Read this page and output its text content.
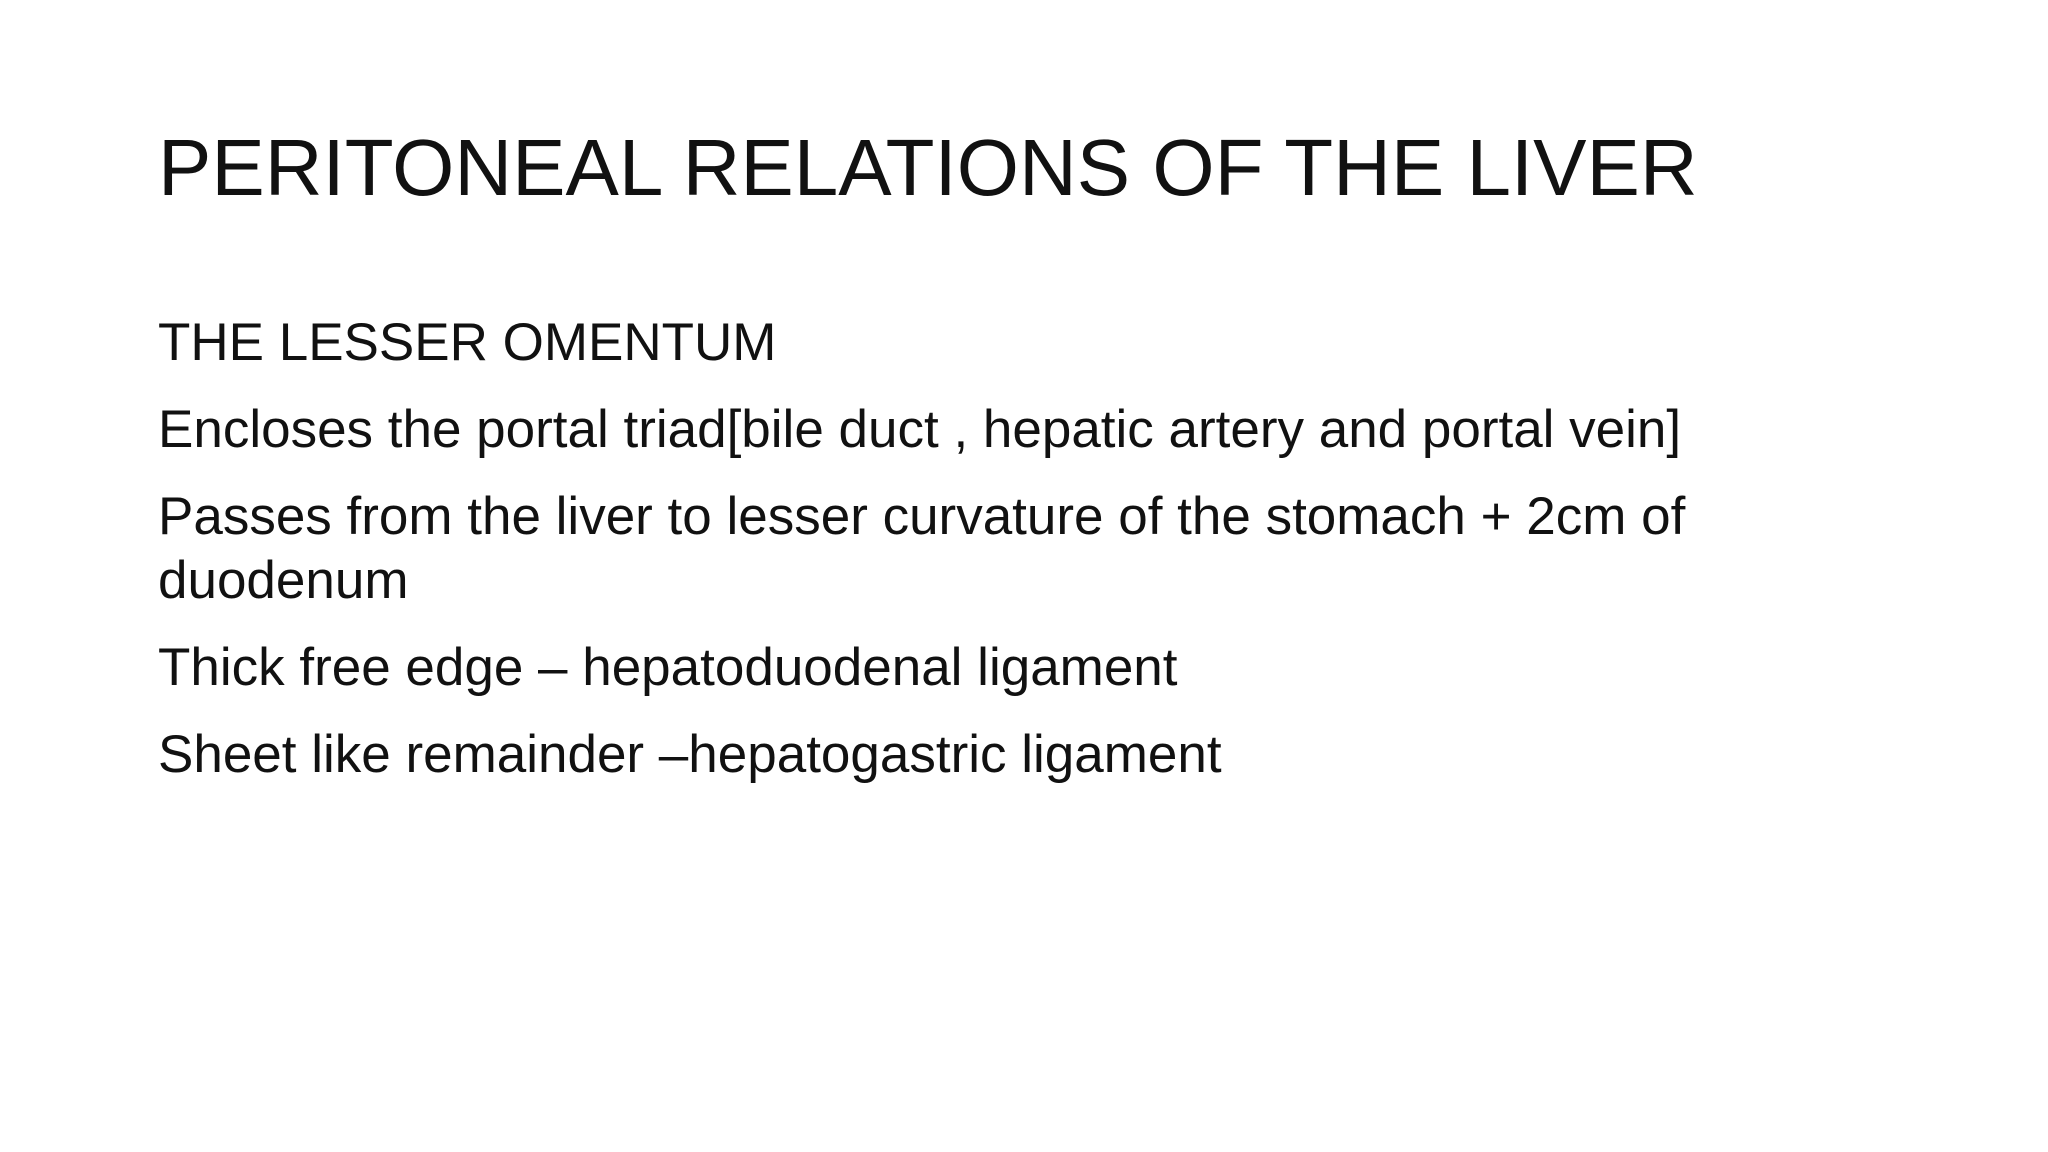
PERITONEAL RELATIONS OF THE LIVER
THE LESSER OMENTUM
Encloses the portal triad[bile duct , hepatic artery and portal vein]
Passes from the liver to lesser curvature of the stomach + 2cm of duodenum
Thick free edge – hepatoduodenal ligament
Sheet like remainder –hepatogastric ligament
